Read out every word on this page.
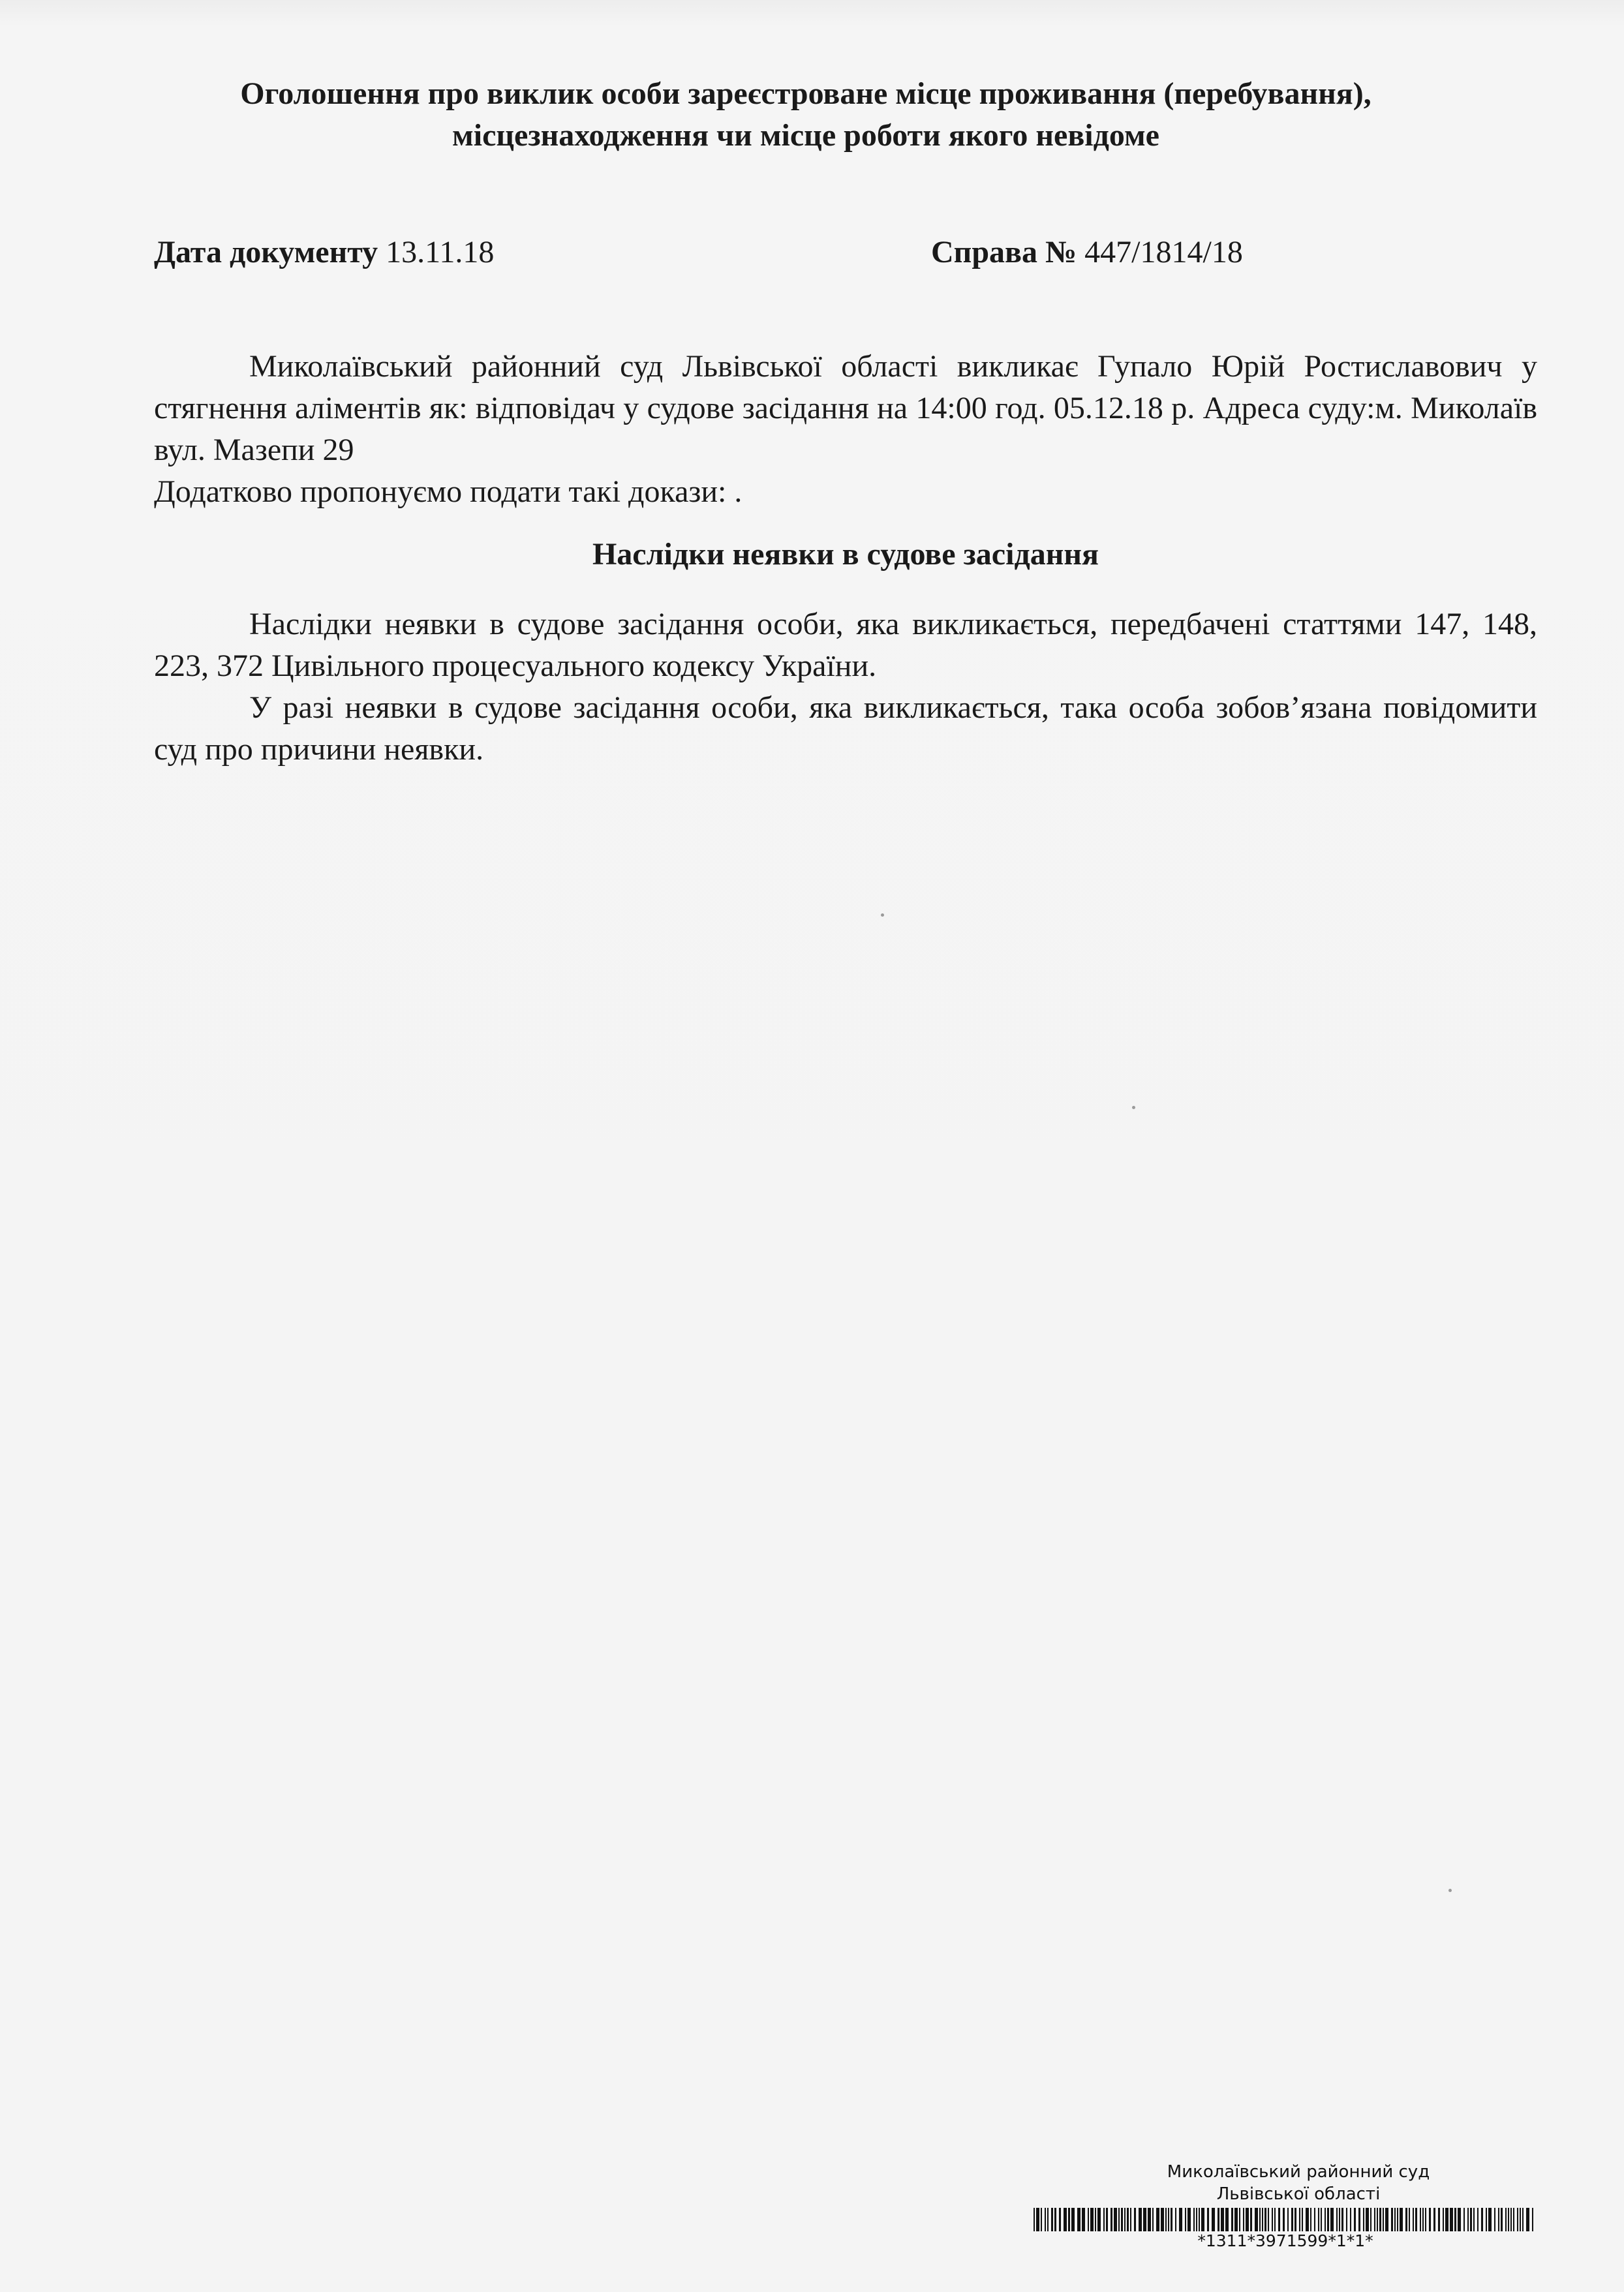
Оголошення про виклик особи зареєстроване місце проживання (перебування),
місцезнаходження чи місце роботи якого невідоме
Дата документу 13.11.18	Справа № 447/1814/18
Миколаївський районний суд Львівської області викликає Гупало Юрій Ростиславович у стягнення аліментів як: відповідач у судове засідання на 14:00 год. 05.12.18 р. Адреса суду:м. Миколаїв вул. Мазепи 29
Додатково пропонуємо подати такі докази: .
Наслідки неявки в судове засідання
Наслідки неявки в судове засідання особи, яка викликається, передбачені статтями 147, 148, 223, 372 Цивільного процесуального кодексу України.
У разі неявки в судове засідання особи, яка викликається, така особа зобов’язана повідомити суд про причини неявки.
Миколаївський районний суд
Львівської області
*1311*3971599*1*1*
